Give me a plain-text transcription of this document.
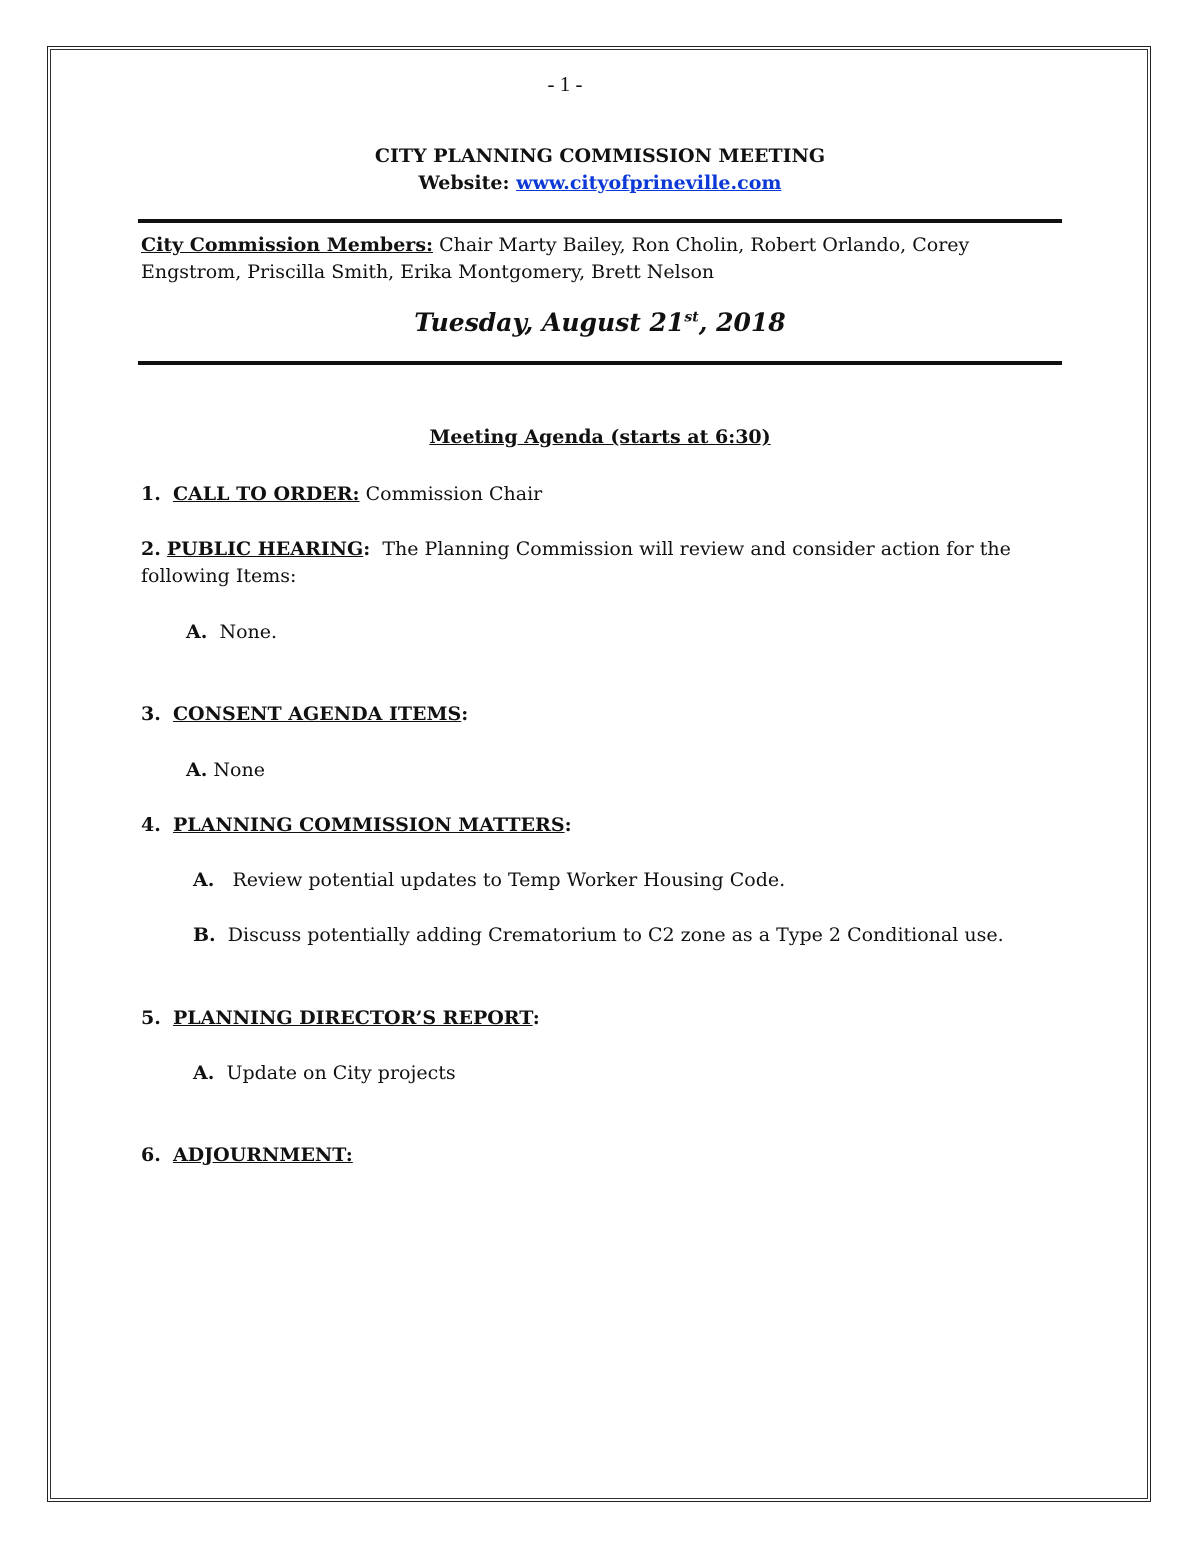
- 1 -
CITY PLANNING COMMISSION MEETING
Website: www.cityofprineville.com
City Commission Members: Chair Marty Bailey, Ron Cholin, Robert Orlando, Corey Engstrom, Priscilla Smith, Erika Montgomery, Brett Nelson
Tuesday, August 21st, 2018
Meeting Agenda (starts at 6:30)
1. CALL TO ORDER: Commission Chair
2. PUBLIC HEARING: The Planning Commission will review and consider action for the following Items:
A. None.
3. CONSENT AGENDA ITEMS:
A. None
4. PLANNING COMMISSION MATTERS:
A. Review potential updates to Temp Worker Housing Code.
B. Discuss potentially adding Crematorium to C2 zone as a Type 2 Conditional use.
5. PLANNING DIRECTOR’S REPORT:
A. Update on City projects
6. ADJOURNMENT:
